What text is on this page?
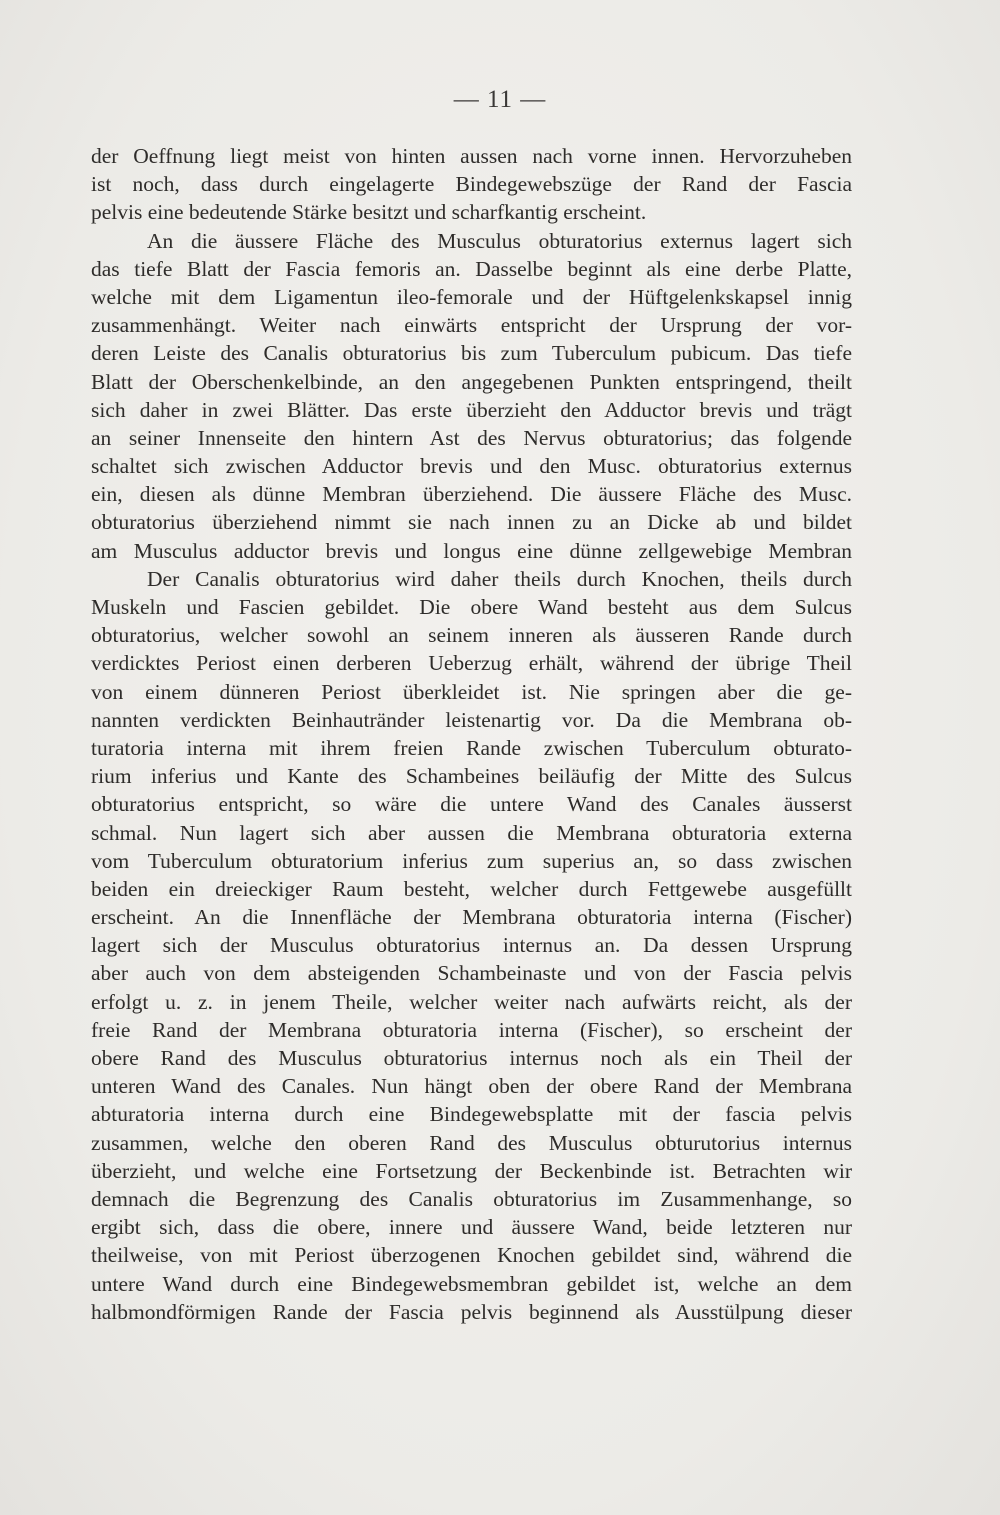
— 11 —
der Oeffnung liegt meist von hinten aussen nach vorne innen. Hervorzuheben
ist noch, dass durch eingelagerte Bindegewebszüge der Rand der Fascia
pelvis eine bedeutende Stärke besitzt und scharfkantig erscheint.
An die äussere Fläche des Musculus obturatorius externus lagert sich
das tiefe Blatt der Fascia femoris an. Dasselbe beginnt als eine derbe Platte,
welche mit dem Ligamentun ileo-femorale und der Hüftgelenkskapsel innig
zusammenhängt. Weiter nach einwärts entspricht der Ursprung der vor-
deren Leiste des Canalis obturatorius bis zum Tuberculum pubicum. Das tiefe
Blatt der Oberschenkelbinde, an den angegebenen Punkten entspringend, theilt
sich daher in zwei Blätter. Das erste überzieht den Adductor brevis und trägt
an seiner Innenseite den hintern Ast des Nervus obturatorius; das folgende
schaltet sich zwischen Adductor brevis und den Musc. obturatorius externus
ein, diesen als dünne Membran überziehend. Die äussere Fläche des Musc.
obturatorius überziehend nimmt sie nach innen zu an Dicke ab und bildet
am Musculus adductor brevis und longus eine dünne zellgewebige Membran
Der Canalis obturatorius wird daher theils durch Knochen, theils durch
Muskeln und Fascien gebildet. Die obere Wand besteht aus dem Sulcus
obturatorius, welcher sowohl an seinem inneren als äusseren Rande durch
verdicktes Periost einen derberen Ueberzug erhält, während der übrige Theil
von einem dünneren Periost überkleidet ist. Nie springen aber die ge-
nannten verdickten Beinhautränder leistenartig vor. Da die Membrana ob-
turatoria interna mit ihrem freien Rande zwischen Tuberculum obturato-
rium inferius und Kante des Schambeines beiläufig der Mitte des Sulcus
obturatorius entspricht, so wäre die untere Wand des Canales äusserst
schmal. Nun lagert sich aber aussen die Membrana obturatoria externa
vom Tuberculum obturatorium inferius zum superius an, so dass zwischen
beiden ein dreieckiger Raum besteht, welcher durch Fettgewebe ausgefüllt
erscheint. An die Innenfläche der Membrana obturatoria interna (Fischer)
lagert sich der Musculus obturatorius internus an. Da dessen Ursprung
aber auch von dem absteigenden Schambeinaste und von der Fascia pelvis
erfolgt u. z. in jenem Theile, welcher weiter nach aufwärts reicht, als der
freie Rand der Membrana obturatoria interna (Fischer), so erscheint der
obere Rand des Musculus obturatorius internus noch als ein Theil der
unteren Wand des Canales. Nun hängt oben der obere Rand der Membrana
abturatoria interna durch eine Bindegewebsplatte mit der fascia pelvis
zusammen, welche den oberen Rand des Musculus obturutorius internus
überzieht, und welche eine Fortsetzung der Beckenbinde ist. Betrachten wir
demnach die Begrenzung des Canalis obturatorius im Zusammenhange, so
ergibt sich, dass die obere, innere und äussere Wand, beide letzteren nur
theilweise, von mit Periost überzogenen Knochen gebildet sind, während die
untere Wand durch eine Bindegewebsmembran gebildet ist, welche an dem
halbmondförmigen Rande der Fascia pelvis beginnend als Ausstülpung dieser
